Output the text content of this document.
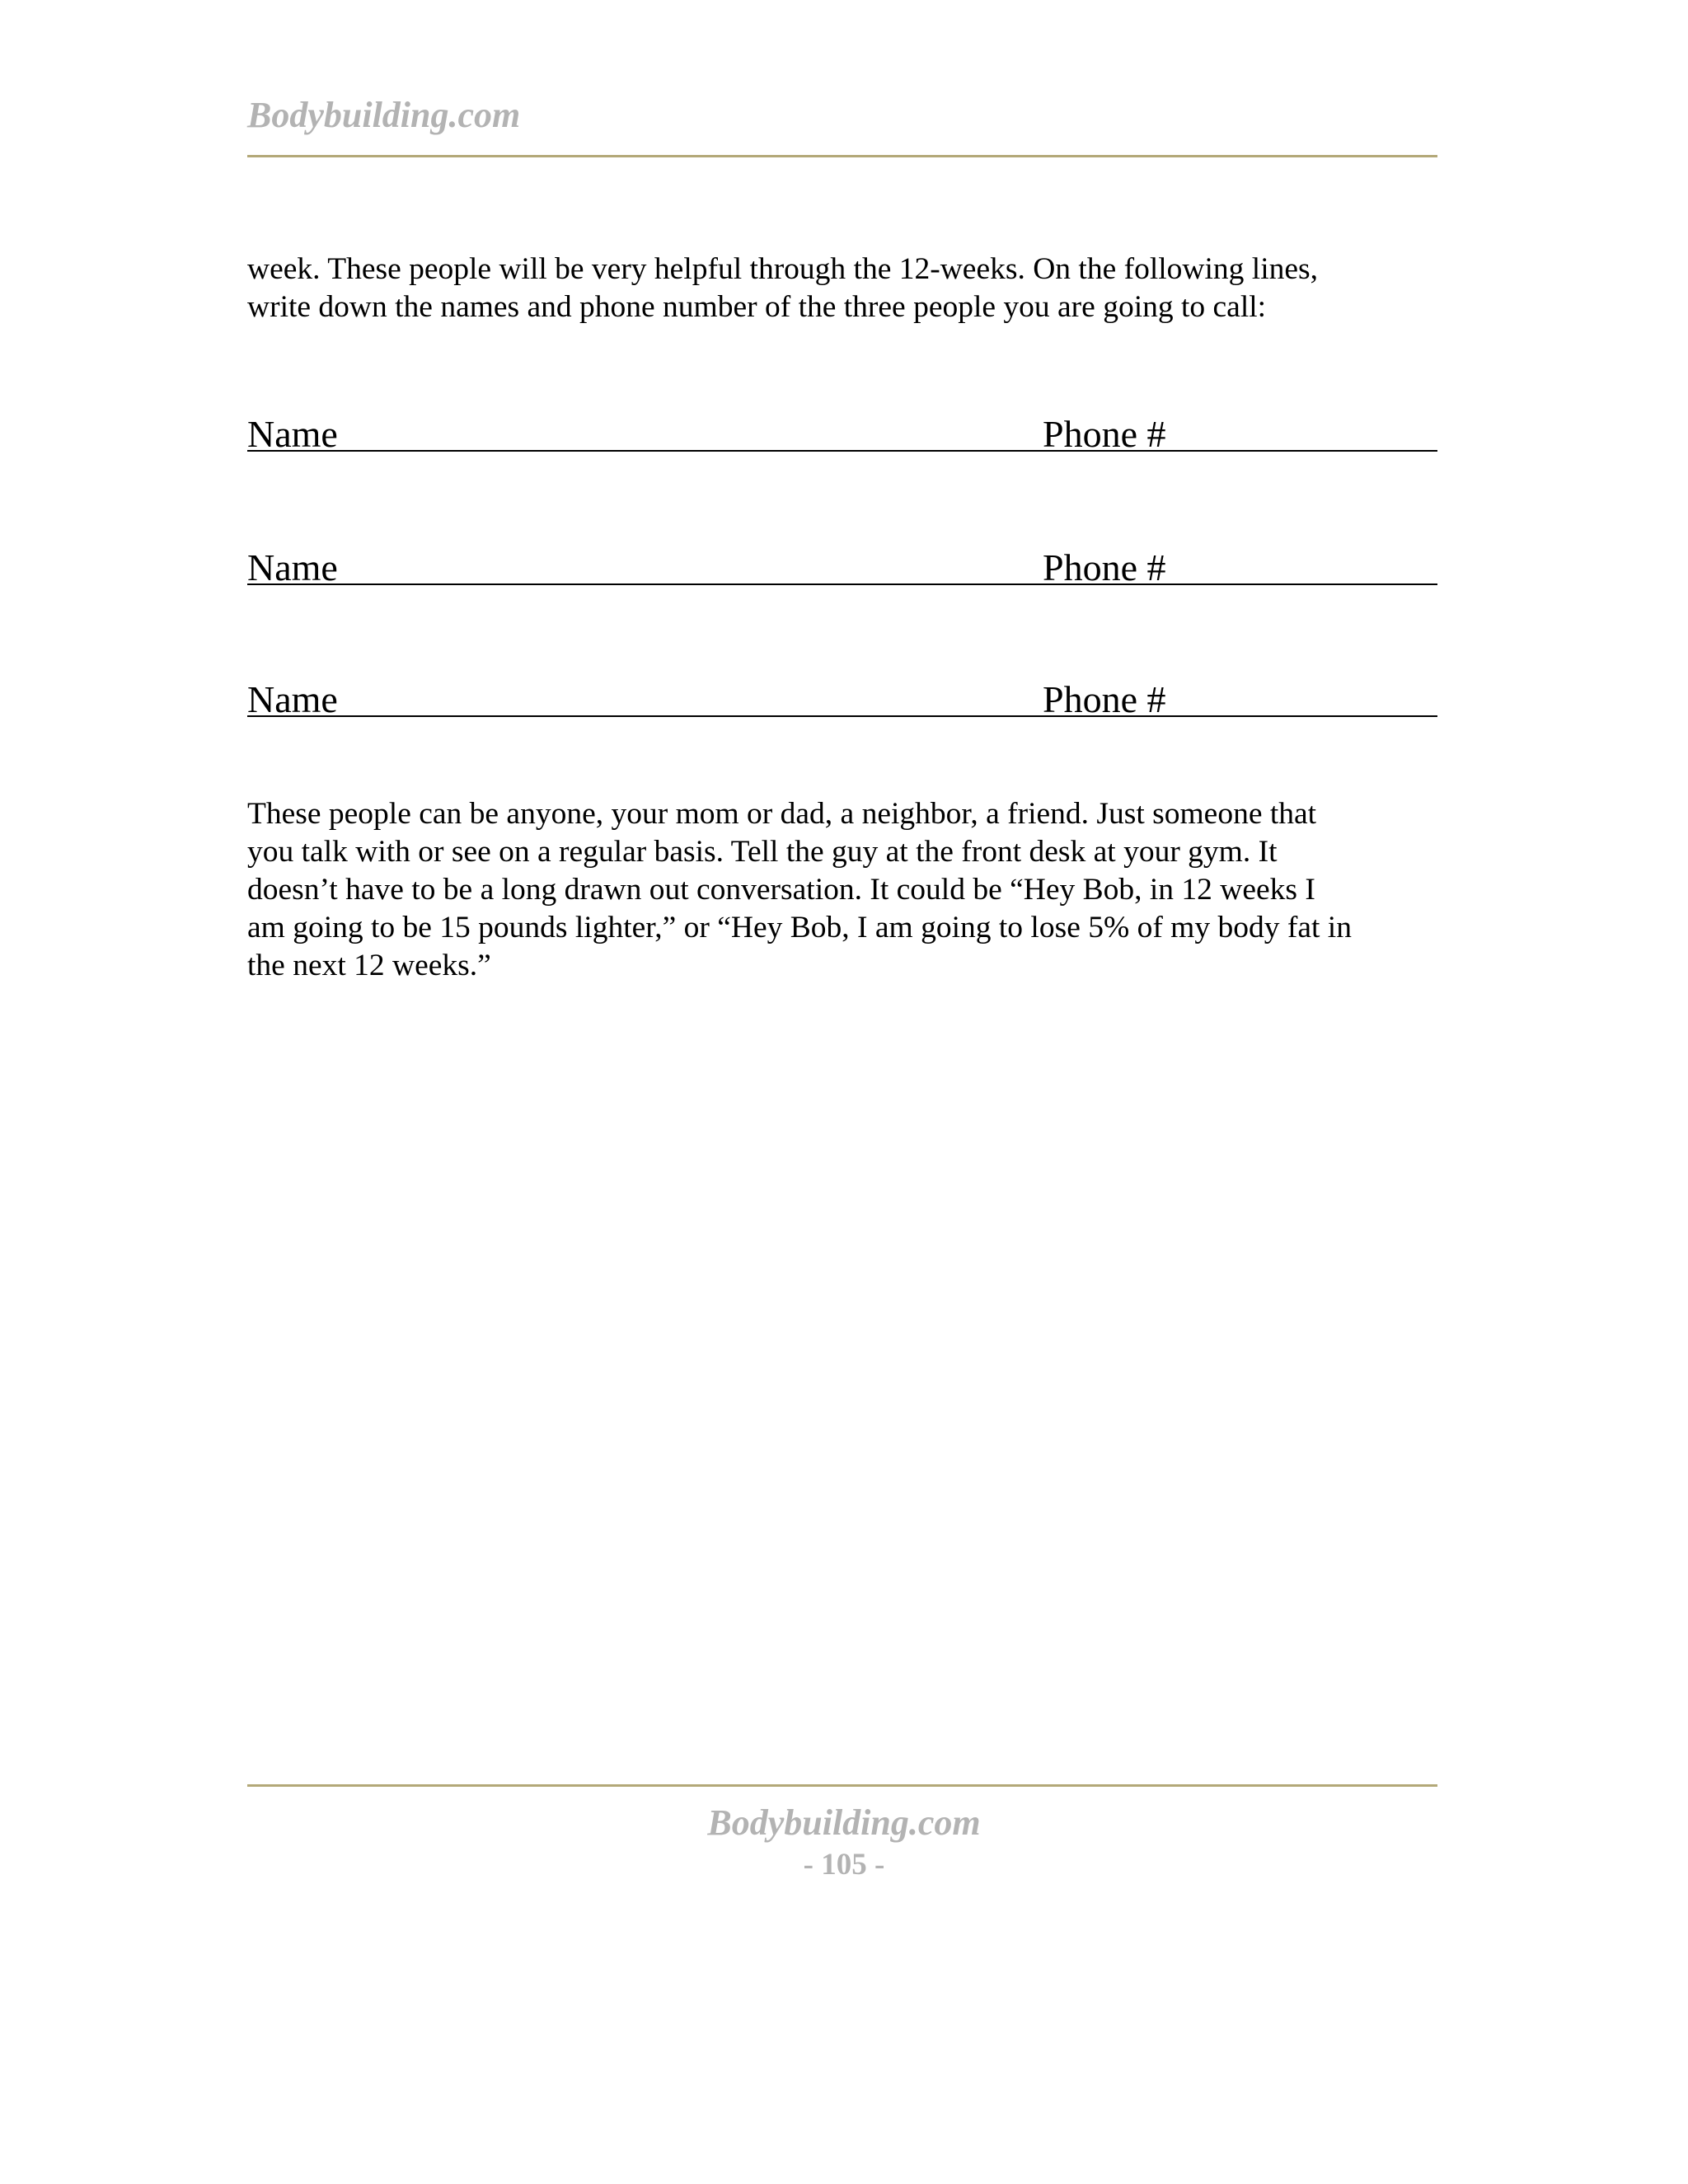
Bodybuilding.com

week. These people will be very helpful through the 12-weeks. On the following lines,
write down the names and phone number of the three people you are going to call:

Name	Phone #
Name	Phone #
Name	Phone #

These people can be anyone, your mom or dad, a neighbor, a friend. Just someone that
you talk with or see on a regular basis. Tell the guy at the front desk at your gym. It
doesn’t have to be a long drawn out conversation. It could be “Hey Bob, in 12 weeks I
am going to be 15 pounds lighter,” or “Hey Bob, I am going to lose 5% of my body fat in
the next 12 weeks.”

Bodybuilding.com
- 105 -
